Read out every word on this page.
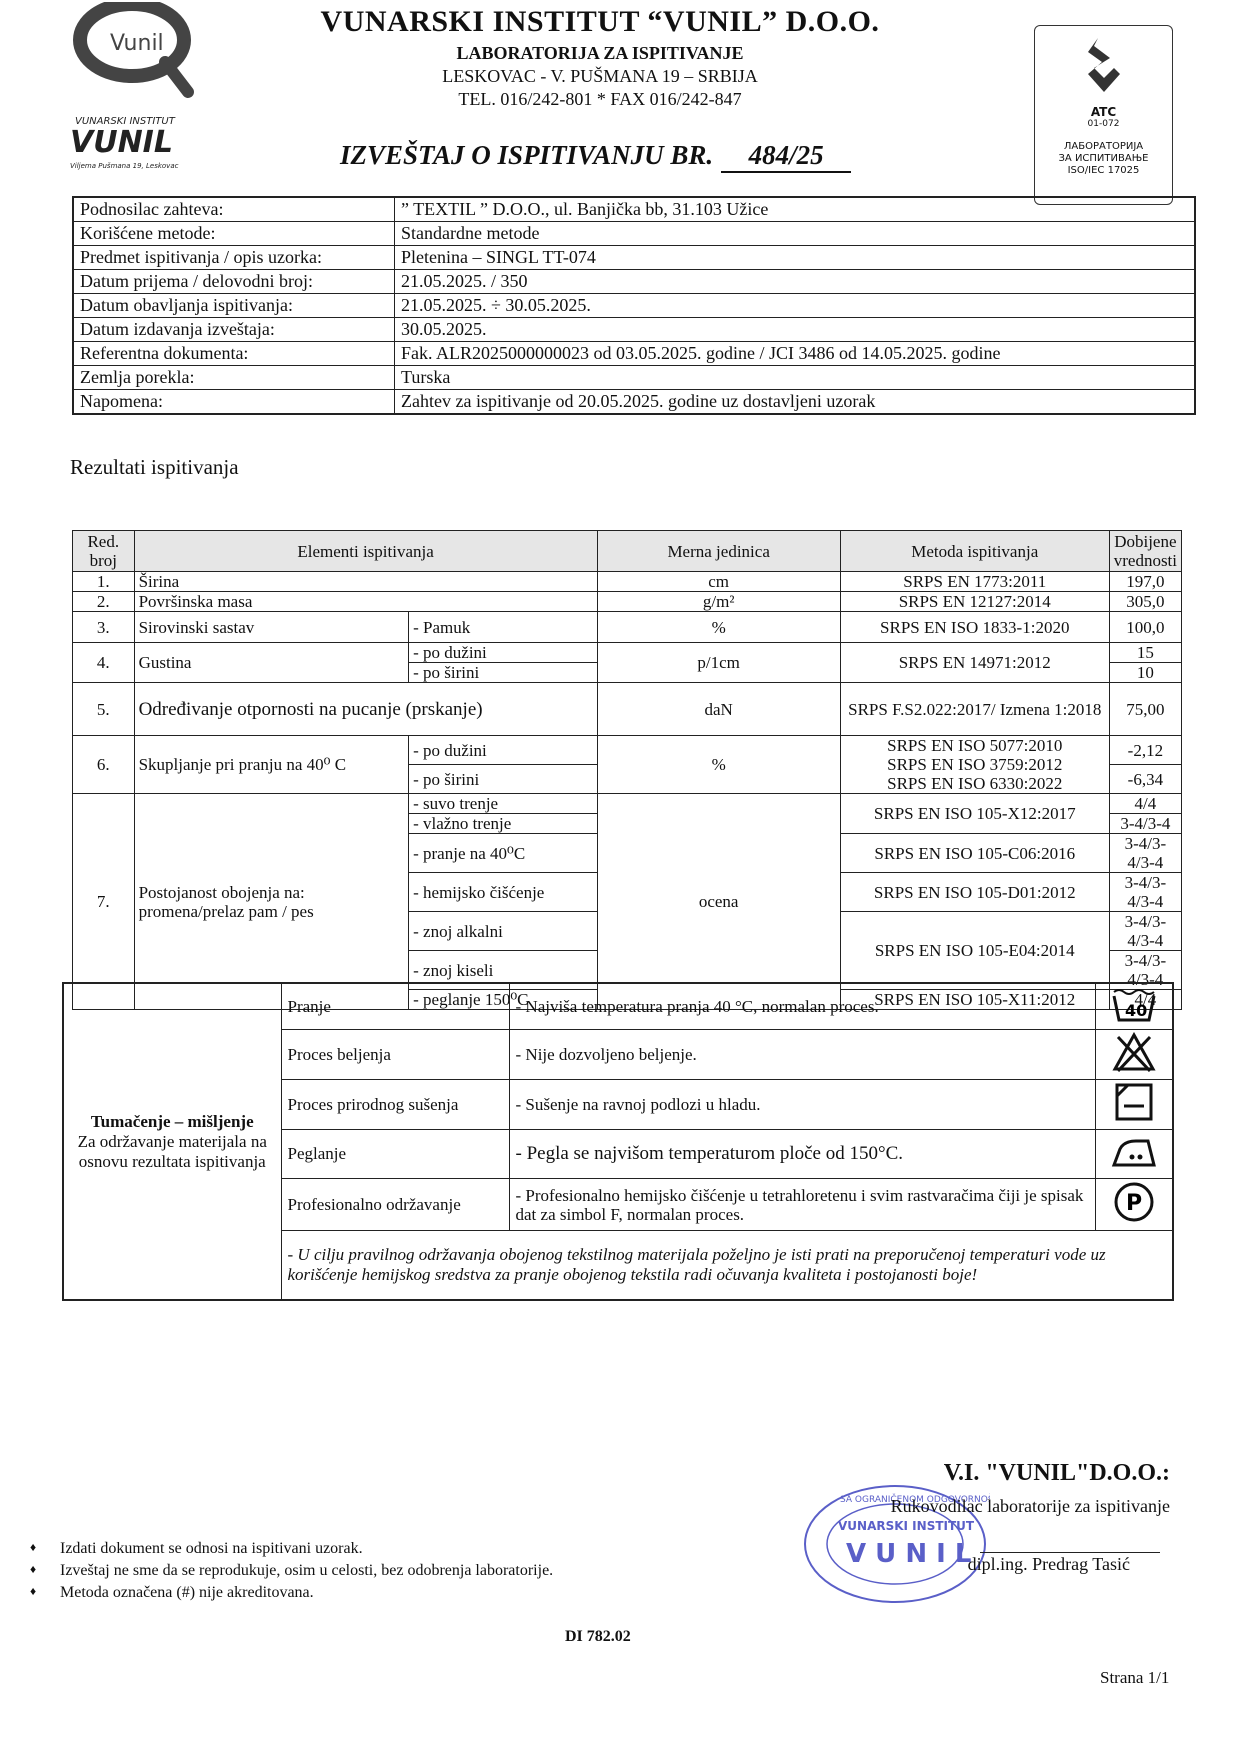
Vunil
VUNARSKI INSTITUT
VUNIL
Viljema Pušmana 19, Leskovac
VUNARSKI INSTITUT “VUNIL” D.O.O.
LABORATORIJA ZA ISPITIVANJE
LESKOVAC - V. PUŠMANA 19 – SRBIJA
TEL. 016/242-801 * FAX 016/242-847
IZVEŠTAJ O ISPITIVANJU BR. 484/25
ATC
01-072
ЛАБОРАТОРИЈА
ЗА ИСПИТИВАЊЕ
ISO/IEC 17025
Podnosilac zahteva:	” TEXTIL ” D.O.O., ul. Banjička bb, 31.103 Užice
Korišćene metode:	Standardne metode
Predmet ispitivanja / opis uzorka:	Pletenina – SINGL TT-074
Datum prijema / delovodni broj:	21.05.2025. / 350
Datum obavljanja ispitivanja:	21.05.2025. ÷ 30.05.2025.
Datum izdavanja izveštaja:	30.05.2025.
Referentna dokumenta:	Fak. ALR2025000000023 od 03.05.2025. godine / JCI 3486 od 14.05.2025. godine
Zemlja porekla:	Turska
Napomena:	Zahtev za ispitivanje od 20.05.2025. godine uz dostavljeni uzorak
Rezultati ispitivanja
Red. broj	Elementi ispitivanja		Merna jedinica	Metoda ispitivanja	Dobijene vrednosti
1.	Širina		cm	SRPS EN 1773:2011	197,0
2.	Površinska masa		g/m²	SRPS EN 12127:2014	305,0
3.	Sirovinski sastav	- Pamuk	%	SRPS EN ISO 1833-1:2020	100,0
4.	Gustina	- po dužini	p/1cm	SRPS EN 14971:2012	15
		- po širini			10
5.	Određivanje otpornosti na pucanje (prskanje)		daN	SRPS F.S2.022:2017/ Izmena 1:2018	75,00
6.	Skupljanje pri pranju na 40⁰ C	- po dužini	%	SRPS EN ISO 5077:2010
SRPS EN ISO 3759:2012
SRPS EN ISO 6330:2022	-2,12
		- po širini			-6,34
7.	Postojanost obojenja na: promena/prelaz pam / pes	- suvo trenje	ocena	SRPS EN ISO 105-X12:2017	4/4
		- vlažno trenje			3-4/3-4
		- pranje na 40⁰C		SRPS EN ISO 105-C06:2016	3-4/3-4/3-4
		- hemijsko čišćenje		SRPS EN ISO 105-D01:2012	3-4/3-4/3-4
		- znoj alkalni		SRPS EN ISO 105-E04:2014	3-4/3-4/3-4
		- znoj kiseli			3-4/3-4/3-4
		- peglanje 150⁰C		SRPS EN ISO 105-X11:2012	4/4
Tumačenje – mišljenje
Za održavanje materijala na osnovu rezultata ispitivanja	Pranje	- Najviša temperatura pranja 40 °C, normalan proces.	40

	Proces beljenja	- Nije dozvoljeno beljenje.	
	Proces prirodnog sušenja	- Sušenje na ravnoj podlozi u hladu.	
	Peglanje	- Pegla se najvišom temperaturom ploče od 150°C.	
	Profesionalno održavanje	- Profesionalno hemijsko čišćenje u tetrahloretenu i svim rastvaračima čiji je spisak dat za simbol F, normalan proces.	P

	- U cilju pravilnog održavanja obojenog tekstilnog materijala poželjno je isti prati na preporučenoj temperaturi vode uz korišćenje hemijskog sredstva za pranje obojenog tekstila radi očuvanja kvaliteta i postojanosti boje!		
SA OGRANIČENOM ODGOVORNO
VUNARSKI INSTITUT
V U N I L
V.I. "VUNIL"D.O.O.:
Rukovodilac laboratorije za ispitivanje
dipl.ing. Predrag Tasić
♦ Izdati dokument se odnosi na ispitivani uzorak.
♦ Izveštaj ne sme da se reprodukuje, osim u celosti, bez odobrenja laboratorije.
♦ Metoda označena (#) nije akreditovana.
DI 782.02
Strana 1/1
